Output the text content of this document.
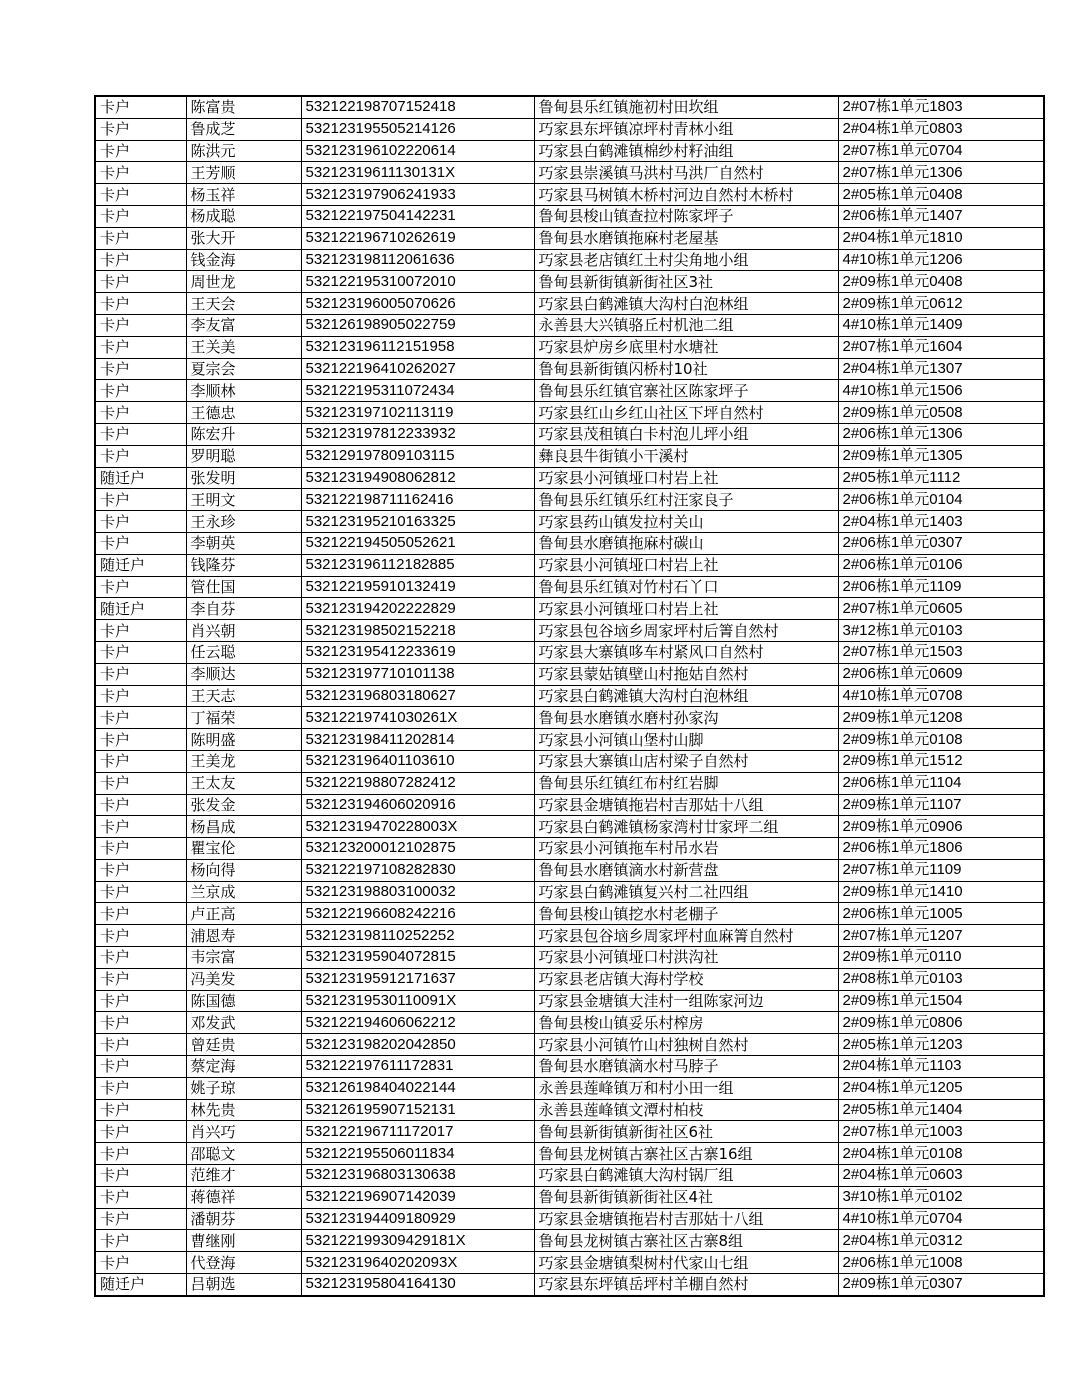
卡户	陈富贵	532122198707152418	鲁甸县乐红镇施初村田坎组	2#07栋1单元1803
卡户	鲁成芝	532123195505214126	巧家县东坪镇凉坪村青林小组	2#04栋1单元0803
卡户	陈洪元	532123196102220614	巧家县白鹤滩镇棉纱村籽油组	2#07栋1单元0704
卡户	王芳顺	53212319611130131X	巧家县崇溪镇马洪村马洪厂自然村	2#07栋1单元1306
卡户	杨玉祥	532123197906241933	巧家县马树镇木桥村河边自然村木桥村	2#05栋1单元0408
卡户	杨成聪	532122197504142231	鲁甸县梭山镇查拉村陈家坪子	2#06栋1单元1407
卡户	张大开	532122196710262619	鲁甸县水磨镇拖麻村老屋基	2#04栋1单元1810
卡户	钱金海	532123198112061636	巧家县老店镇红土村尖角地小组	4#10栋1单元1206
卡户	周世龙	532122195310072010	鲁甸县新街镇新街社区3社	2#09栋1单元0408
卡户	王天会	532123196005070626	巧家县白鹤滩镇大沟村白泡林组	2#09栋1单元0612
卡户	李友富	532126198905022759	永善县大兴镇骆丘村机池二组	4#10栋1单元1409
卡户	王关美	532123196112151958	巧家县炉房乡底里村水塘社	2#07栋1单元1604
卡户	夏宗会	532122196410262027	鲁甸县新街镇闪桥村10社	2#04栋1单元1307
卡户	李顺林	532122195311072434	鲁甸县乐红镇官寨社区陈家坪子	4#10栋1单元1506
卡户	王德忠	532123197102113119	巧家县红山乡红山社区下坪自然村	2#09栋1单元0508
卡户	陈宏升	532123197812233932	巧家县茂租镇白卡村泡儿坪小组	2#06栋1单元1306
卡户	罗明聪	532129197809103115	彝良县牛街镇小干溪村	2#09栋1单元1305
随迁户	张发明	532123194908062812	巧家县小河镇垭口村岩上社	2#05栋1单元1112
卡户	王明文	532122198711162416	鲁甸县乐红镇乐红村汪家良子	2#06栋1单元0104
卡户	王永珍	532123195210163325	巧家县药山镇发拉村关山	2#04栋1单元1403
卡户	李朝英	532122194505052621	鲁甸县水磨镇拖麻村碳山	2#06栋1单元0307
随迁户	钱隆芬	532123196112182885	巧家县小河镇垭口村岩上社	2#06栋1单元0106
卡户	管仕国	532122195910132419	鲁甸县乐红镇对竹村石丫口	2#06栋1单元1109
随迁户	李自芬	532123194202222829	巧家县小河镇垭口村岩上社	2#07栋1单元0605
卡户	肖兴朝	532123198502152218	巧家县包谷垴乡周家坪村后箐自然村	3#12栋1单元0103
卡户	任云聪	532123195412233619	巧家县大寨镇哆车村紧风口自然村	2#07栋1单元1503
卡户	李顺达	532123197710101138	巧家县蒙姑镇壁山村拖姑自然村	2#06栋1单元0609
卡户	王天志	532123196803180627	巧家县白鹤滩镇大沟村白泡林组	4#10栋1单元0708
卡户	丁福荣	53212219741030261X	鲁甸县水磨镇水磨村孙家沟	2#09栋1单元1208
卡户	陈明盛	532123198411202814	巧家县小河镇山堡村山脚	2#09栋1单元0108
卡户	王美龙	532123196401103610	巧家县大寨镇山店村梁子自然村	2#09栋1单元1512
卡户	王太友	532122198807282412	鲁甸县乐红镇红布村红岩脚	2#06栋1单元1104
卡户	张发金	532123194606020916	巧家县金塘镇拖岩村吉那姑十八组	2#09栋1单元1107
卡户	杨昌成	53212319470228003X	巧家县白鹤滩镇杨家湾村廿家坪二组	2#09栋1单元0906
卡户	瞿宝伦	532123200012102875	巧家县小河镇拖车村吊水岩	2#06栋1单元1806
卡户	杨向得	532122197108282830	鲁甸县水磨镇滴水村新营盘	2#07栋1单元1109
卡户	兰京成	532123198803100032	巧家县白鹤滩镇复兴村二社四组	2#09栋1单元1410
卡户	卢正高	532122196608242216	鲁甸县梭山镇挖水村老棚子	2#06栋1单元1005
卡户	浦恩寿	532123198110252252	巧家县包谷垴乡周家坪村血麻箐自然村	2#07栋1单元1207
卡户	韦宗富	532123195904072815	巧家县小河镇垭口村洪沟社	2#09栋1单元0110
卡户	冯美发	532123195912171637	巧家县老店镇大海村学校	2#08栋1单元0103
卡户	陈国德	53212319530110091X	巧家县金塘镇大洼村一组陈家河边	2#09栋1单元1504
卡户	邓发武	532122194606062212	鲁甸县梭山镇妥乐村榨房	2#09栋1单元0806
卡户	曾廷贵	532123198202042850	巧家县小河镇竹山村独树自然村	2#05栋1单元1203
卡户	蔡定海	532122197611172831	鲁甸县水磨镇滴水村马脖子	2#04栋1单元1103
卡户	姚子琼	532126198404022144	永善县莲峰镇万和村小田一组	2#04栋1单元1205
卡户	林先贵	532126195907152131	永善县莲峰镇文潭村柏枝	2#05栋1单元1404
卡户	肖兴巧	532122196711172017	鲁甸县新街镇新街社区6社	2#07栋1单元1003
卡户	邵聪文	532122195506011834	鲁甸县龙树镇古寨社区古寨16组	2#04栋1单元0108
卡户	范维才	532123196803130638	巧家县白鹤滩镇大沟村锅厂组	2#04栋1单元0603
卡户	蒋德祥	532122196907142039	鲁甸县新街镇新街社区4社	3#10栋1单元0102
卡户	潘朝芬	532123194409180929	巧家县金塘镇拖岩村吉那姑十八组	4#10栋1单元0704
卡户	曹继刚	532122199309429181X	鲁甸县龙树镇古寨社区古寨8组	2#04栋1单元0312
卡户	代登海	53212319640202093X	巧家县金塘镇梨树村代家山七组	2#06栋1单元1008
随迁户	吕朝选	532123195804164130	巧家县东坪镇岳坪村羊棚自然村	2#09栋1单元0307
